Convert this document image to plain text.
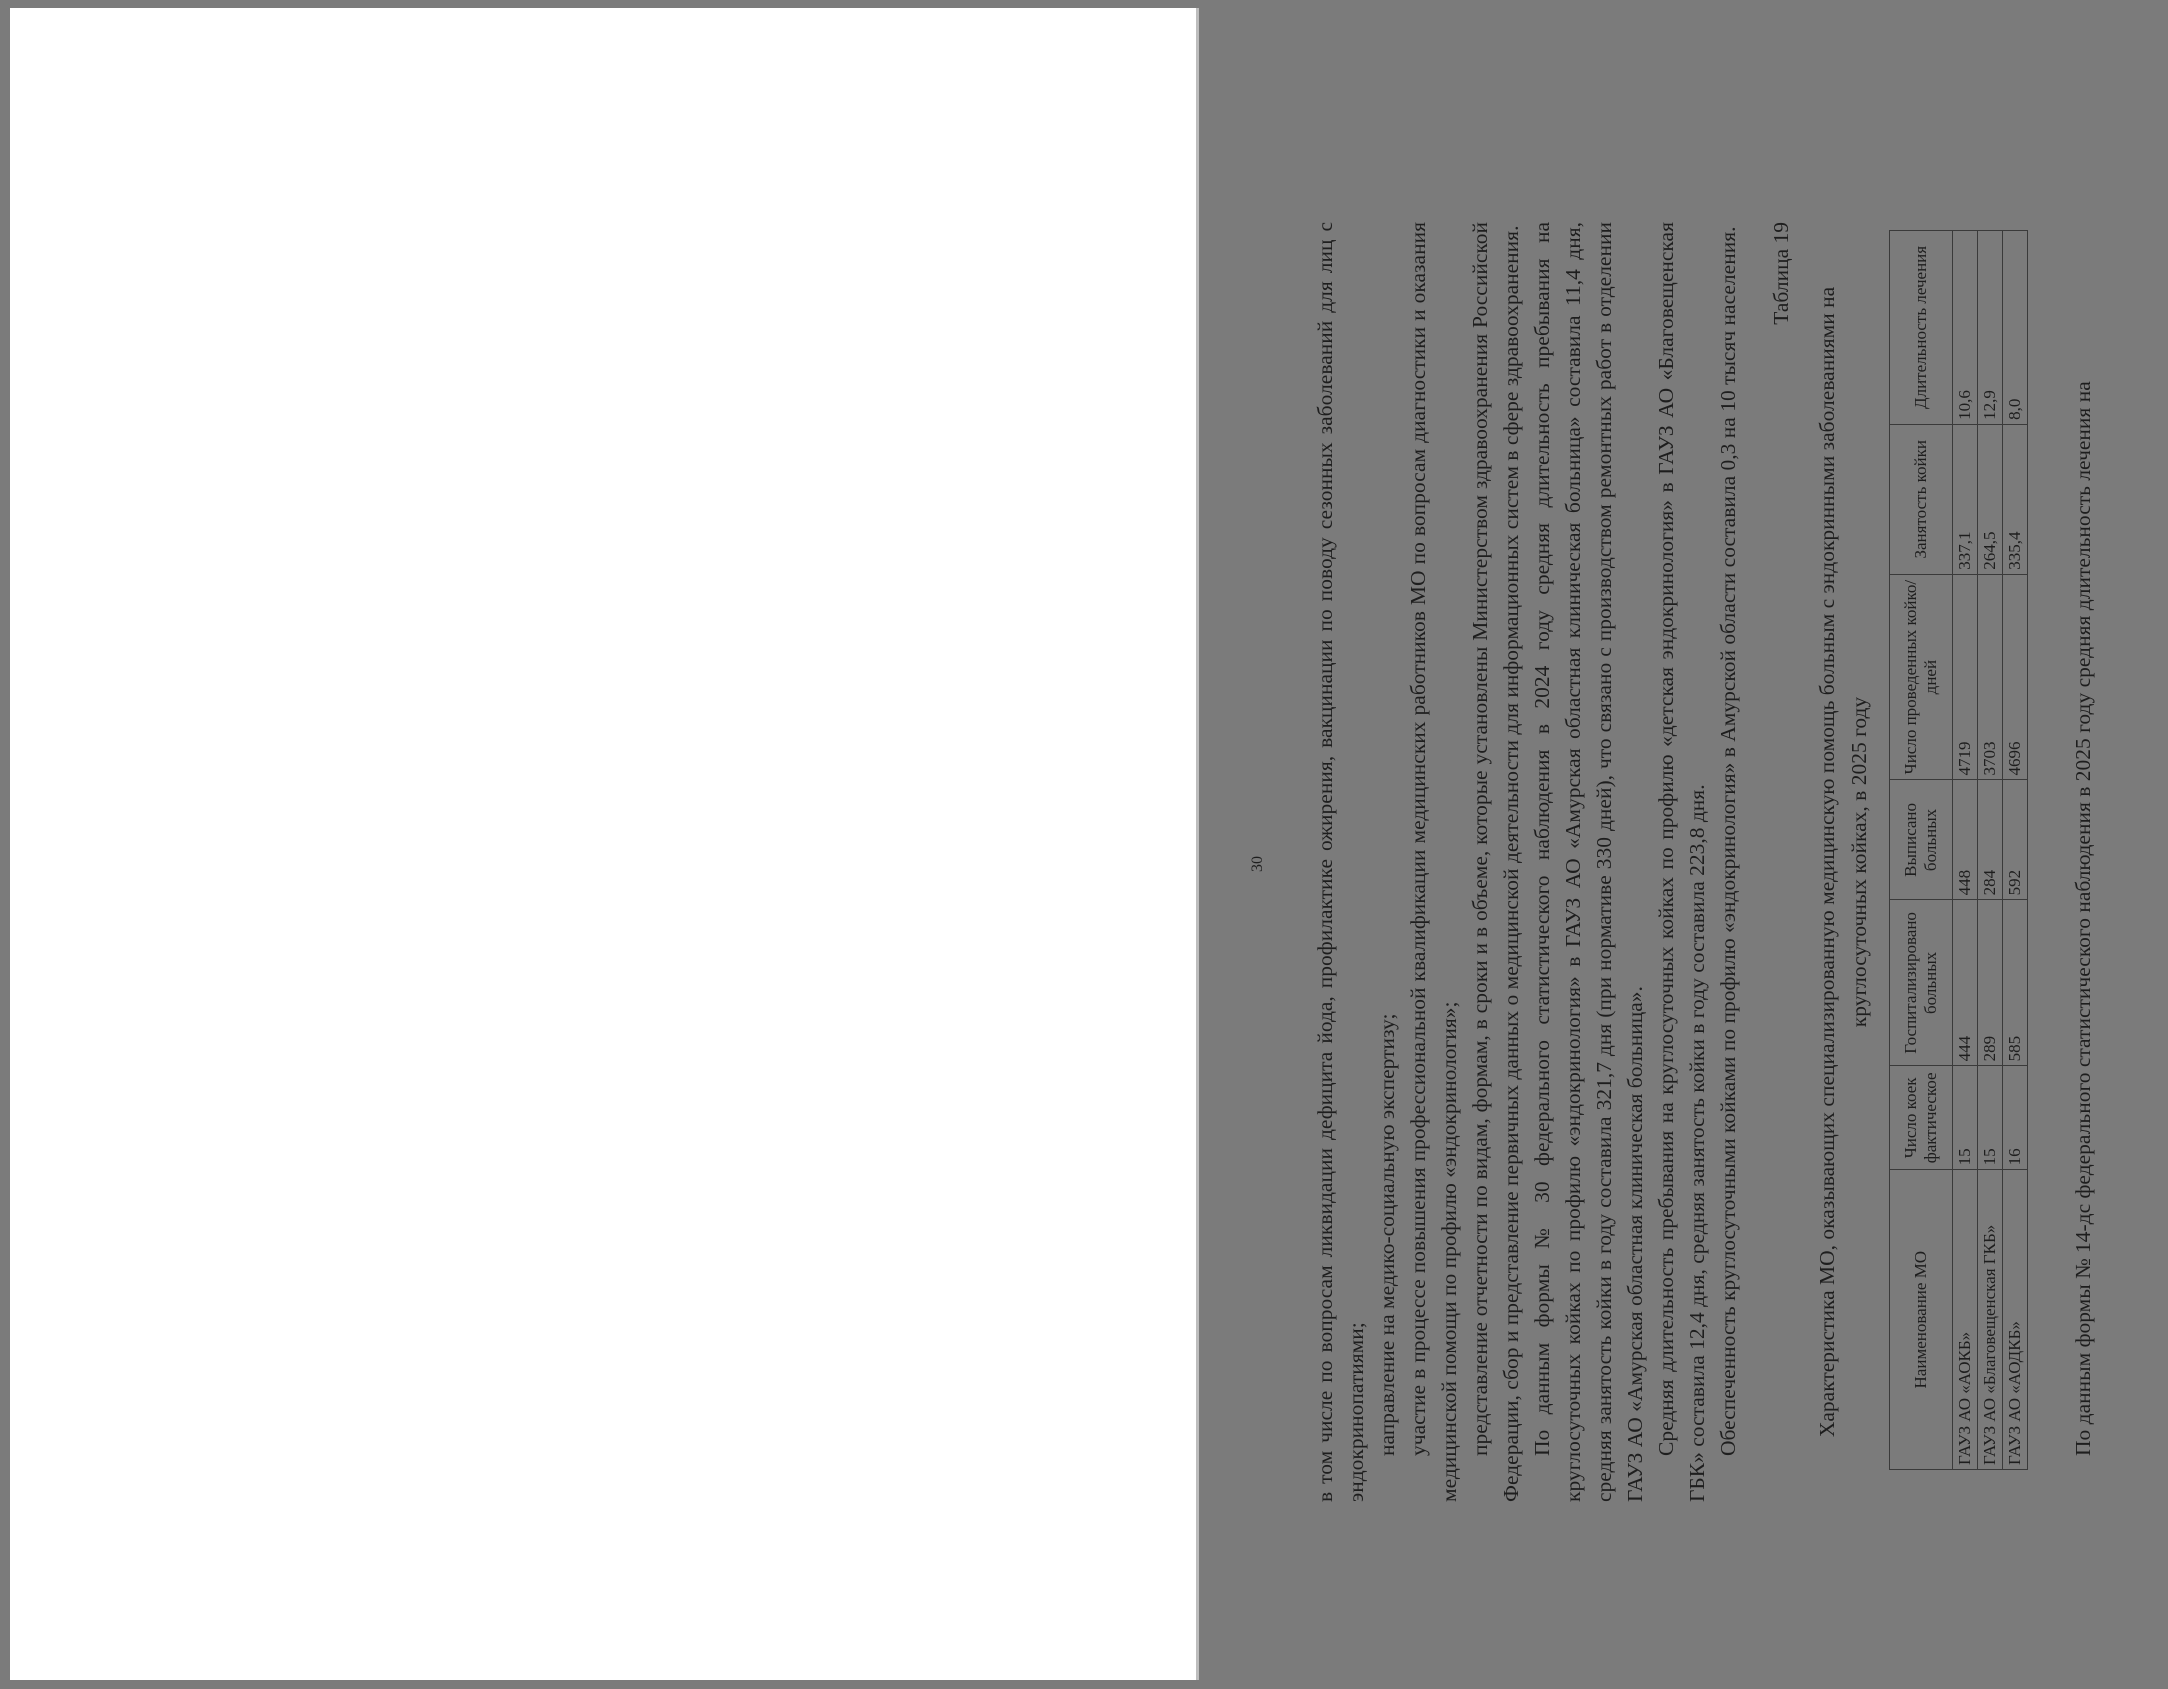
30 в том числе по вопросам ликвидации дефицита йода, профилактике ожирения, вакцинации по поводу сезонных заболеваний для лиц с эндокринопатиями; направление на медико-социальную экспертизу; участие в процессе повышения профессиональной квалификации медицинских работников МО по вопросам диагностики и оказания медицинской помощи по профилю «эндокринология»; представление отчетности по видам, формам, в сроки и в объеме, которые установлены Министерством здравоохранения Российской Федерации, сбор и представление первичных данных о медицинской деятельности для информационных систем в сфере здравоохранения. По данным формы № 30 федерального статистического наблюдения в 2024 году средняя длительность пребывания на круглосуточных койках по профилю «эндокринология» в ГАУЗ АО «Амурская областная клиническая больница» составила 11,4 дня, средняя занятость койки в году составила 321,7 дня (при нормативе 330 дней), что связано с производством ремонтных работ в отделении ГАУЗ АО «Амурская областная клиническая больница». Средняя длительность пребывания на круглосуточных койках по профилю «детская эндокринология» в ГАУЗ АО «Благовещенская ГБК» составила 12,4 дня, средняя занятость койки в году составила 223,8 дня. Обеспеченность круглосуточными койками по профилю «эндокринология» в Амурской области составила 0,3 на 10 тысяч населения. Таблица 19
Характеристика МО, оказывающих специализированную медицинскую помощь больным с эндокринными заболеваниями на круглосуточных койках, в 2025 году
Наименование МО	Число коек фактическое	Госпитализировано больных	Выписано больных	Число проведенных койко/дней	Занятость койки	Длительность лечения
ГАУЗ АО «АОКБ»	15	444	448	4719	337,1	10,6
ГАУЗ АО «Благовещенская ГКБ»	15	289	284	3703	264,5	12,9
ГАУЗ АО «АОДКБ»	16	585	592	4696	335,4	8,0 По данным формы № 14-дс федерального статистического наблюдения в 2025 году средняя длительность лечения на
